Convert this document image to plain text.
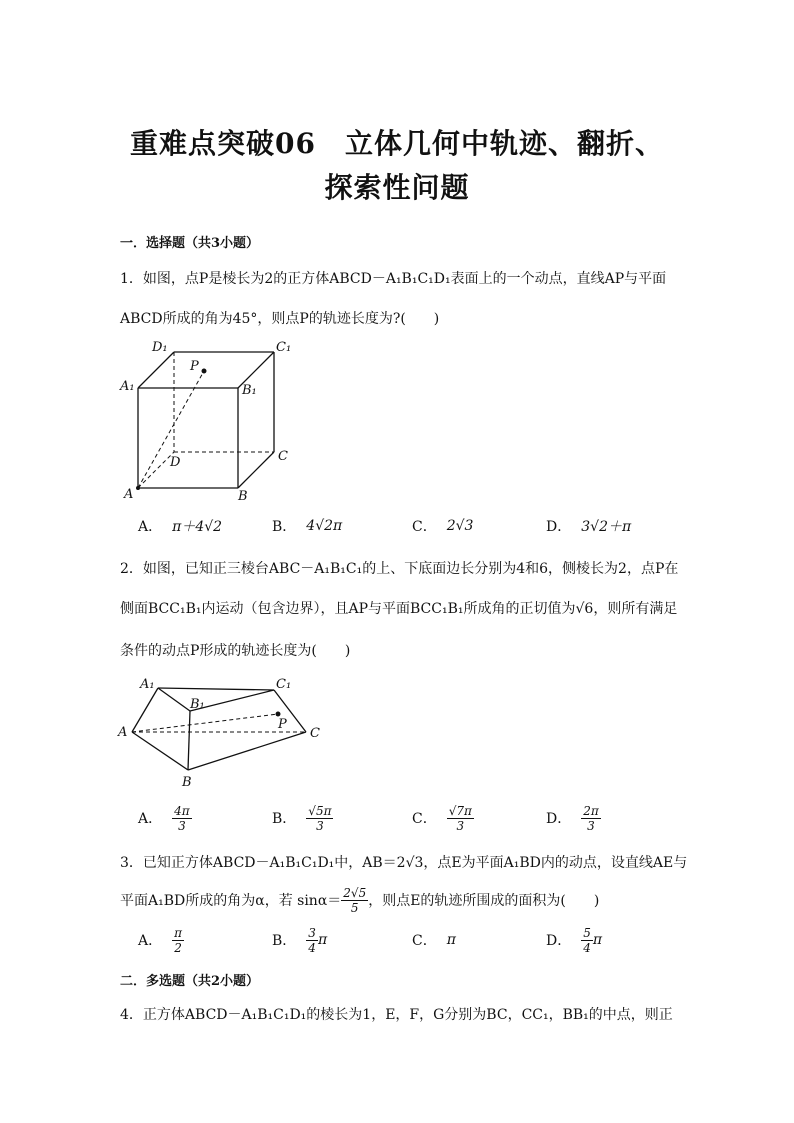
重难点突破06　立体几何中轨迹、翻折、
探索性问题
一．选择题（共3小题）
1．如图，点P是棱长为2的正方体ABCD－A₁B₁C₁D₁表面上的一个动点，直线AP与平面
ABCD所成的角为45°，则点P的轨迹长度为?(　　)
D₁	C₁
A₁	B₁
P
D	C
A	B
A． π＋4√2	B． 4√2π	C． 2√3	D． 3√2＋π
2．如图，已知正三棱台ABC－A₁B₁C₁的上、下底面边长分别为4和6，侧棱长为2，点P在
侧面BCC₁B₁内运动（包含边界），且AP与平面BCC₁B₁所成角的正切值为√6，则所有满足
条件的动点P形成的轨迹长度为(　　)
A₁
B₁
C₁
A
P
C
B
A． $\frac{4\pi}{3}$	B． $\frac{√5\pi}{3}$	C． $\frac{√7\pi}{3}$	D． $\frac{2\pi}{3}$
3．已知正方体ABCD－A₁B₁C₁D₁中，AB＝2√3，点E为平面A₁BD内的动点，设直线AE与
平面A₁BD所成的角为α，若 $\sin\alpha= \frac{2√5}{5}$ ，则点E的轨迹所围成的面积为(　　)
A． $\frac{\pi}{2}$	B． $\frac{3}{4}$ π	C． π	D． $\frac{5}{4}$ π
二．多选题（共2小题）
4．正方体ABCD－A₁B₁C₁D₁的棱长为1，E，F，G分别为BC，CC₁，BB₁的中点，则正
